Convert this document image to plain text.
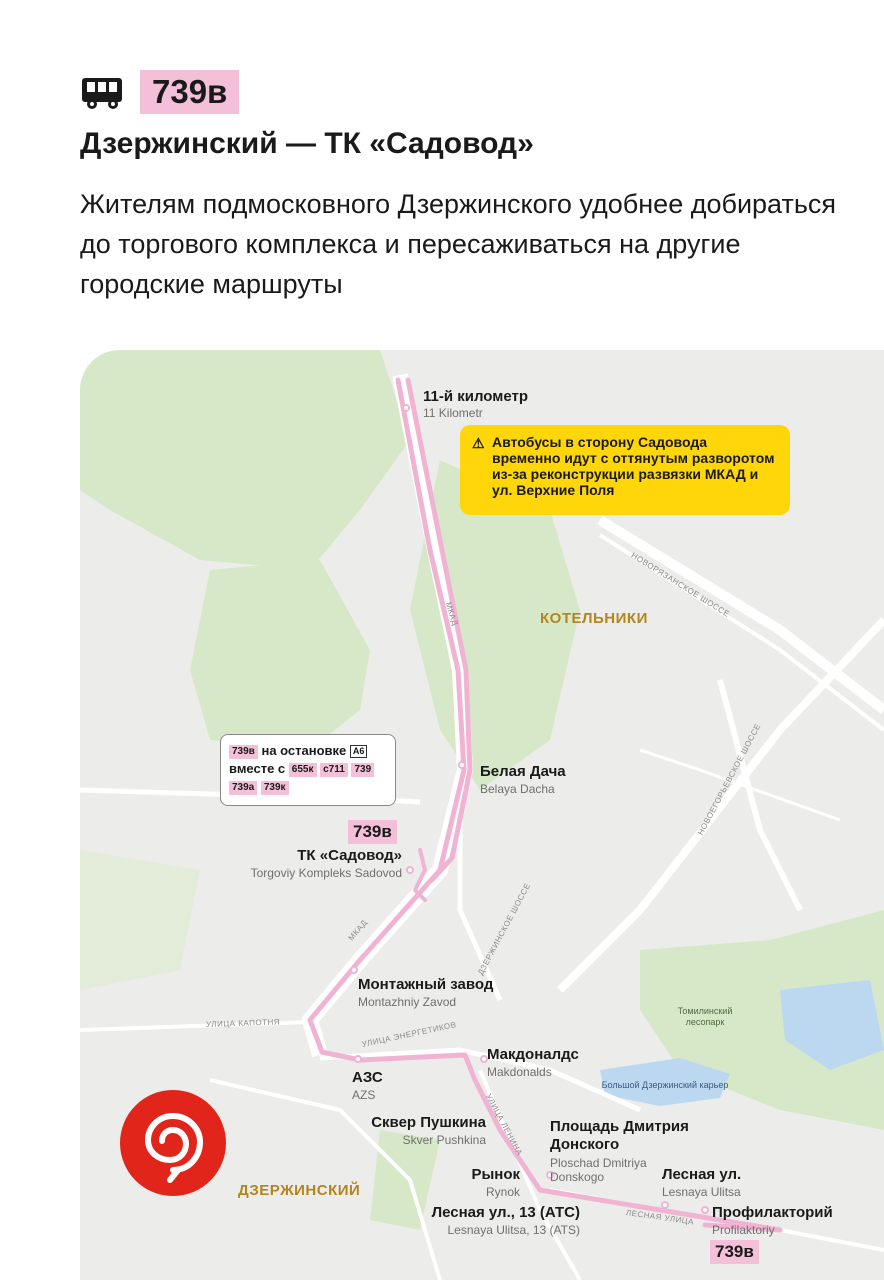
739в
Дзержинский — ТК «Садовод»
Жителям подмосковного Дзержинского удобнее добираться до торгового комплекса и пересаживаться на другие городские маршруты
⚠ Автобусы в сторону Садовода временно идут с оттянутым разворотом из-за реконструкции развязки МКАД и ул. Верхние Поля
739в на остановке А6
вместе с 655к с711 739
739а 739к
КОТЕЛЬНИКИ
ДЗЕРЖИНСКИЙ
МКАД
МКАД
НОВОРЯЗАНСКОЕ ШОССЕ
НОВОЕГОРЬЕВСКОЕ ШОССЕ
ДЗЕРЖИНСКОЕ ШОССЕ
УЛИЦА КАПОТНЯ	УЛИЦА ЭНЕРГЕТИКОВ
УЛИЦА ЛЕНИНА
ЛЕСНАЯ УЛИЦА
Томилинский лесопарк
Большой Дзержинский карьер
11-й километр
11 Kilometr
Белая Дача
Belaya Dacha
739в
ТК «Садовод»
Torgoviy Kompleks Sadovod
Монтажный завод
Montazhniy Zavod
Макдоналдс
Makdonalds
АЗС
AZS
Сквер Пушкина
Skver Pushkina
Площадь Дмитрия Донского
Ploschad Dmitriya Donskogo
Рынок
Rynok
Лесная ул.
Lesnaya Ulitsa
Лесная ул., 13 (АТС)
Lesnaya Ulitsa, 13 (ATS)
Профилакторий
Profilaktoriy
739в
